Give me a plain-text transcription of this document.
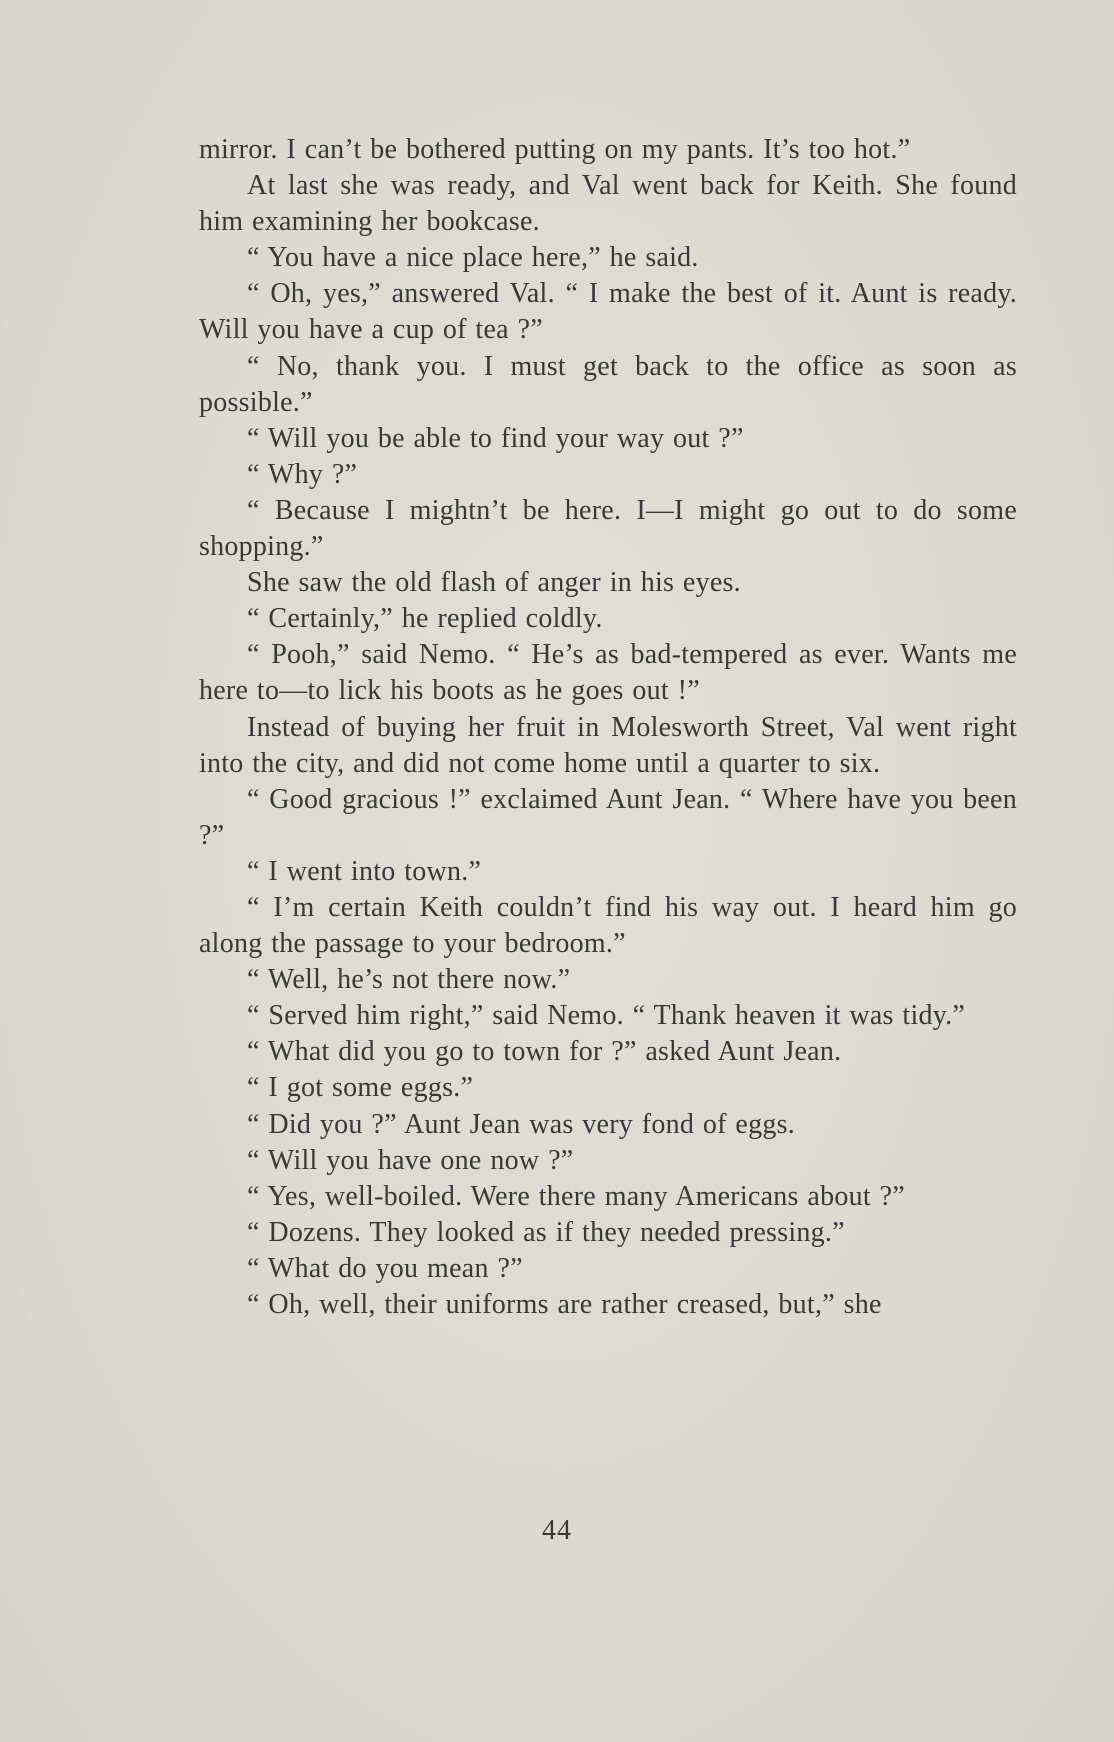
mirror. I can’t be bothered putting on my pants. It’s too hot.”

At last she was ready, and Val went back for Keith. She found him examining her bookcase.

“ You have a nice place here,” he said.

“ Oh, yes,” answered Val. “ I make the best of it. Aunt is ready. Will you have a cup of tea ?”

“ No, thank you. I must get back to the office as soon as possible.”

“ Will you be able to find your way out ?”

“ Why ?”

“ Because I mightn’t be here. I—I might go out to do some shopping.”

She saw the old flash of anger in his eyes.

“ Certainly,” he replied coldly.

“ Pooh,” said Nemo. “ He’s as bad-tempered as ever. Wants me here to—to lick his boots as he goes out !”

Instead of buying her fruit in Molesworth Street, Val went right into the city, and did not come home until a quarter to six.

“ Good gracious !” exclaimed Aunt Jean. “ Where have you been ?”

“ I went into town.”

“ I’m certain Keith couldn’t find his way out. I heard him go along the passage to your bedroom.”

“ Well, he’s not there now.”

“ Served him right,” said Nemo. “ Thank heaven it was tidy.”

“ What did you go to town for ?” asked Aunt Jean.

“ I got some eggs.”

“ Did you ?” Aunt Jean was very fond of eggs.

“ Will you have one now ?”

“ Yes, well-boiled. Were there many Americans about ?”

“ Dozens. They looked as if they needed pressing.”

“ What do you mean ?”

“ Oh, well, their uniforms are rather creased, but,” she

44
